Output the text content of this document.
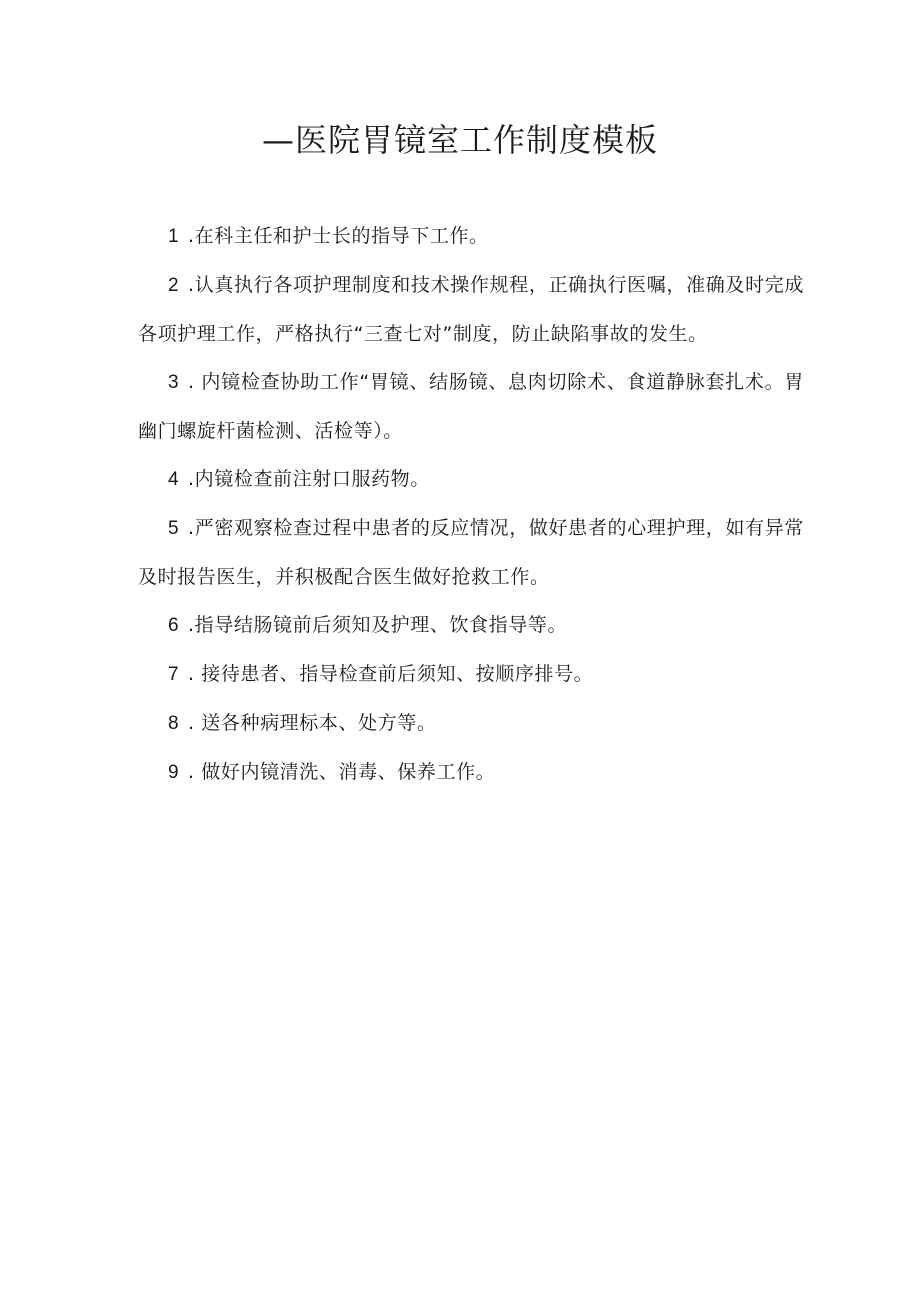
—医院胃镜室工作制度模板
1 .在科主任和护士长的指导下工作。
2 .认真执行各项护理制度和技术操作规程，正确执行医嘱，准确及时完成各项护理工作，严格执行“三查七对”制度，防止缺陷事故的发生。
3 . 内镜检查协助工作“胃镜、结肠镜、息肉切除术、食道静脉套扎术。胃幽门螺旋杆菌检测、活检等）。
4 .内镜检查前注射口服药物。
5 .严密观察检查过程中患者的反应情况，做好患者的心理护理，如有异常及时报告医生，并积极配合医生做好抢救工作。
6 .指导结肠镜前后须知及护理、饮食指导等。
7 . 接待患者、指导检查前后须知、按顺序排号。
8 . 送各种病理标本、处方等。
9 . 做好内镜清洗、消毒、保养工作。
